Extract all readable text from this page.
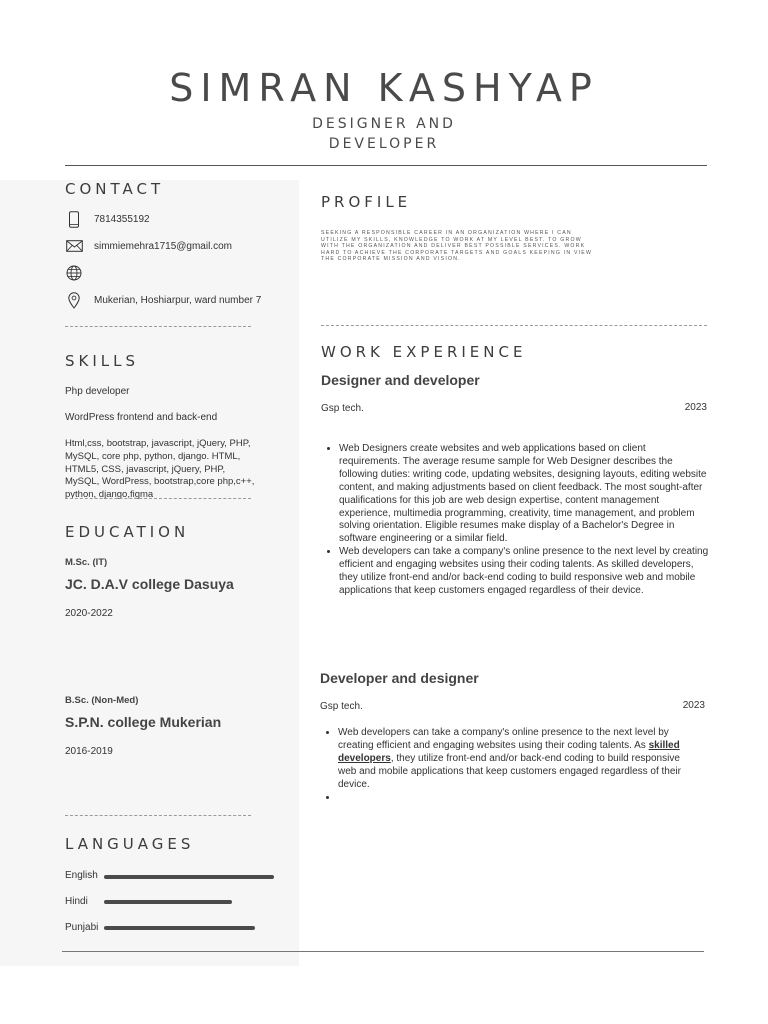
SIMRAN KASHYAP
DESIGNER AND
DEVELOPER
CONTACT
7814355192
simmiemehra1715@gmail.com
Mukerian, Hoshiarpur, ward number 7
SKILLS
Php developer
WordPress frontend and back-end
Html,css, bootstrap, javascript, jQuery, PHP, MySQL, core php, python, django. HTML, HTML5, CSS, javascript, jQuery, PHP, MySQL, WordPress, bootstrap,core php,c++, python, django,figma
EDUCATION
M.Sc. (IT)
JC. D.A.V college Dasuya
2020-2022
B.Sc. (Non-Med)
S.P.N. college Mukerian
2016-2019
LANGUAGES
English
Hindi
Punjabi
PROFILE
SEEKING A RESPONSIBLE CAREER IN AN ORGANIZATION WHERE I CAN UTILIZE MY SKILLS, KNOWLEDGE TO WORK AT MY LEVEL BEST. TO GROW WITH THE ORGANIZATION AND DELIVER BEST POSSIBLE SERVICES. WORK HARD TO ACHIEVE THE CORPORATE TARGETS AND GOALS KEEPING IN VIEW THE CORPORATE MISSION AND VISION.
WORK EXPERIENCE
Designer and developer
Gsp tech.	2023
• Web Designers create websites and web applications based on client requirements. The average resume sample for Web Designer describes the following duties: writing code, updating websites, designing layouts, editing website content, and making adjustments based on client feedback. The most sought-after qualifications for this job are web design expertise, content management experience, multimedia programming, creativity, time management, and problem solving orientation. Eligible resumes make display of a Bachelor's Degree in software engineering or a similar field.
• Web developers can take a company's online presence to the next level by creating efficient and engaging websites using their coding talents. As skilled developers, they utilize front-end and/or back-end coding to build responsive web and mobile applications that keep customers engaged regardless of their device.
Developer and designer
Gsp tech.	2023
• Web developers can take a company's online presence to the next level by creating efficient and engaging websites using their coding talents. As skilled developers, they utilize front-end and/or back-end coding to build responsive web and mobile applications that keep customers engaged regardless of their device.
•
